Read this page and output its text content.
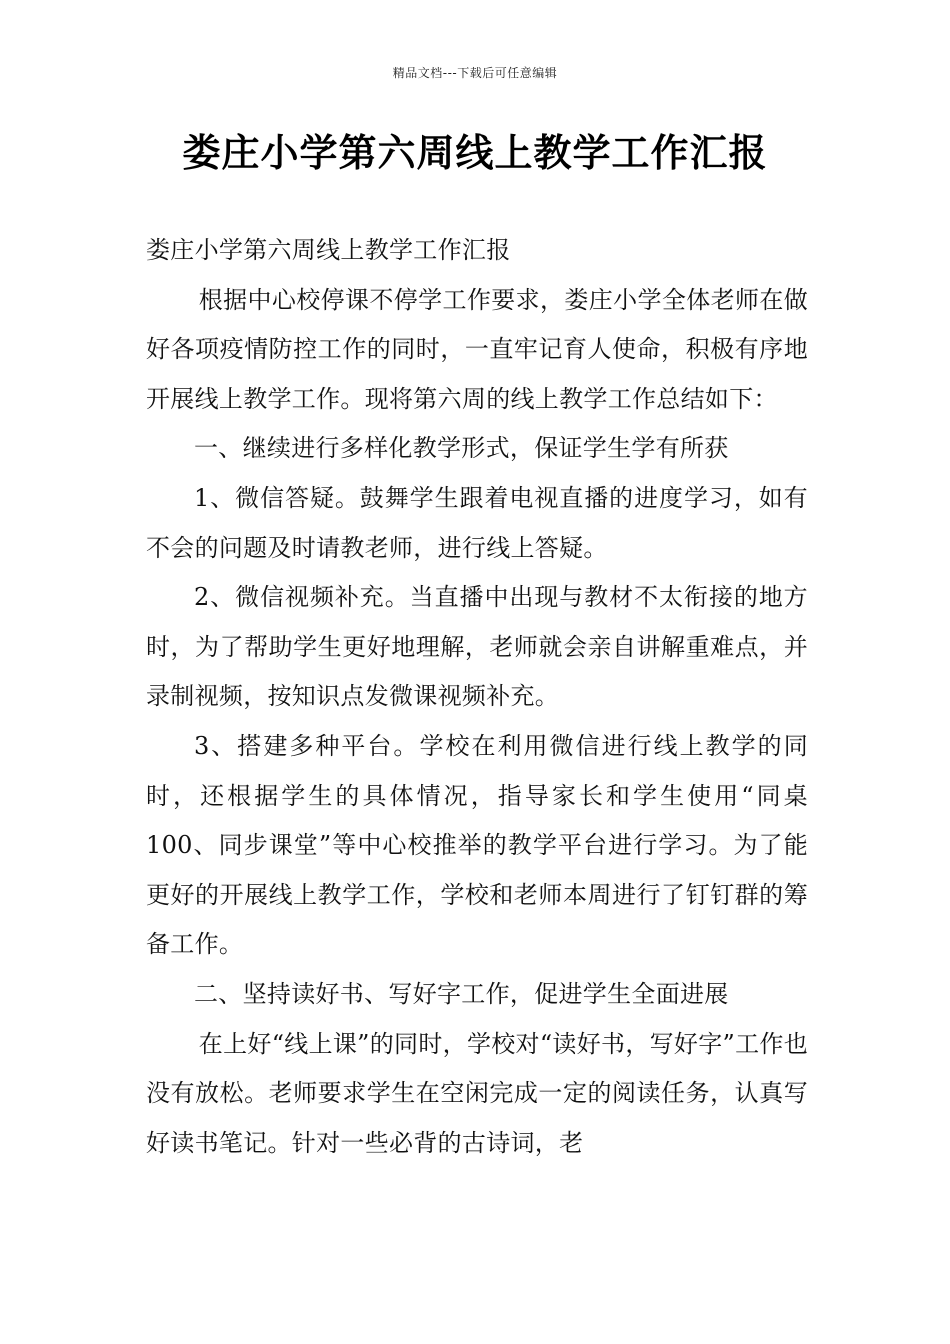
精品文档---下载后可任意编辑
娄庄小学第六周线上教学工作汇报

娄庄小学第六周线上教学工作汇报

根据中心校停课不停学工作要求，娄庄小学全体老师在做好各项疫情防控工作的同时，一直牢记育人使命，积极有序地开展线上教学工作。现将第六周的线上教学工作总结如下：

一、继续进行多样化教学形式，保证学生学有所获

1、微信答疑。鼓舞学生跟着电视直播的进度学习，如有不会的问题及时请教老师，进行线上答疑。

2、微信视频补充。当直播中出现与教材不太衔接的地方时，为了帮助学生更好地理解，老师就会亲自讲解重难点，并录制视频，按知识点发微课视频补充。

3、搭建多种平台。学校在利用微信进行线上教学的同时，还根据学生的具体情况，指导家长和学生使用“同桌100、同步课堂”等中心校推举的教学平台进行学习。为了能更好的开展线上教学工作，学校和老师本周进行了钉钉群的筹备工作。

二、坚持读好书、写好字工作，促进学生全面进展

在上好“线上课”的同时，学校对“读好书，写好字”工作也没有放松。老师要求学生在空闲完成一定的阅读任务，认真写好读书笔记。针对一些必背的古诗词，老
